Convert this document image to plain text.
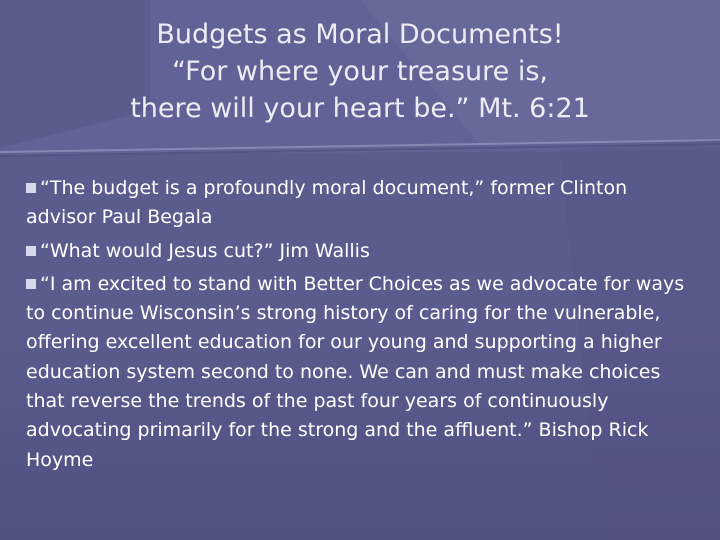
Budgets as Moral Documents!
“For where your treasure is,
there will your heart be.” Mt. 6:21
“The budget is a profoundly moral document,” former Clinton advisor Paul Begala
“What would Jesus cut?” Jim Wallis
“I am excited to stand with Better Choices as we advocate for ways to continue Wisconsin’s strong history of caring for the vulnerable, offering excellent education for our young and supporting a higher education system second to none. We can and must make choices that reverse the trends of the past four years of continuously advocating primarily for the strong and the affluent.” Bishop Rick Hoyme
